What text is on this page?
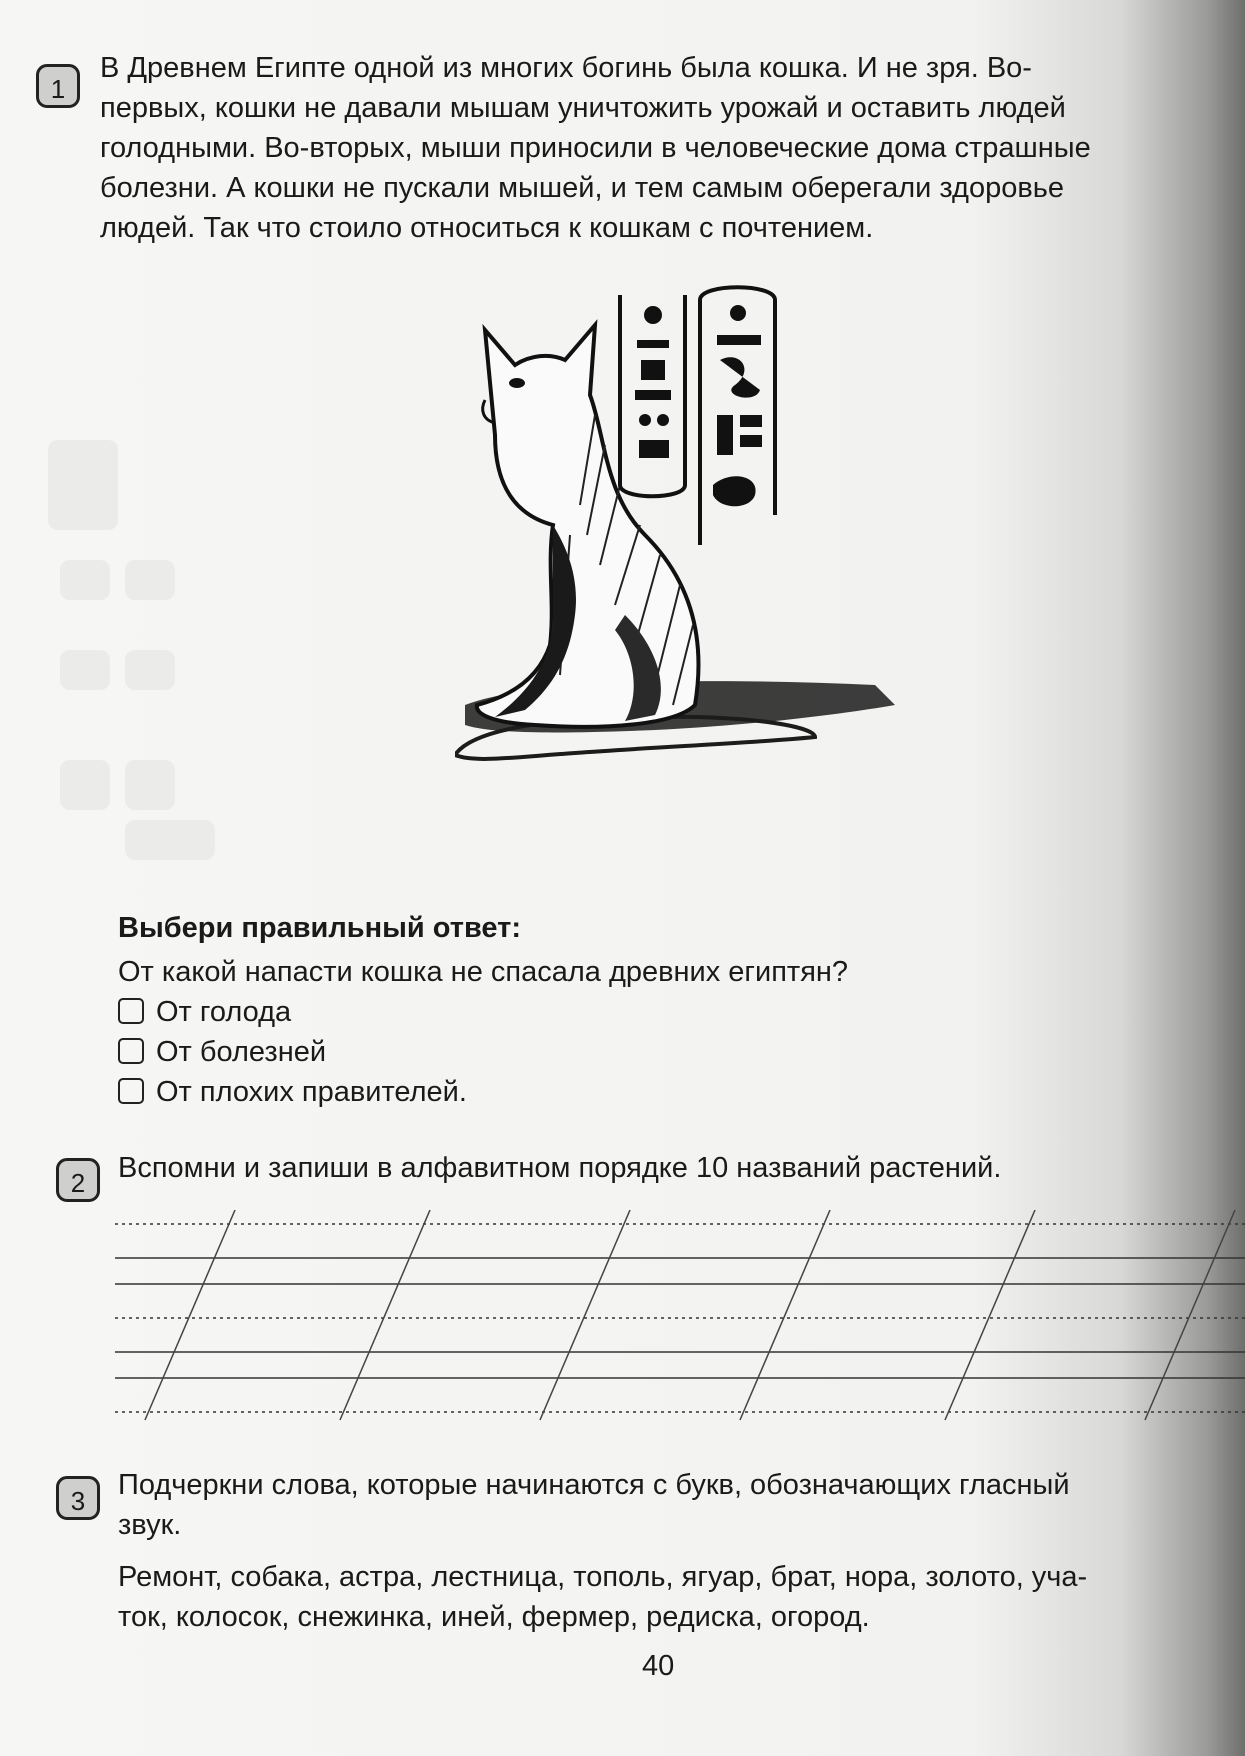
1
В Древнем Египте одной из многих богинь была кошка. И не зря. Во-
первых, кошки не давали мышам уничтожить урожай и оставить людей
голодными. Во-вторых, мыши приносили в человеческие дома страшные
болезни. А кошки не пускали мышей, и тем самым оберегали здоровье
людей. Так что стоило относиться к кошкам с почтением.
Выбери правильный ответ:
От какой напасти кошка не спасала древних египтян?
От голода
От болезней
От плохих правителей.
2	Вспомни и запиши в алфавитном порядке 10 названий растений.
3	Подчеркни слова, которые начинаются с букв, обозначающих гласный
звук.
Ремонт, собака, астра, лестница, тополь, ягуар, брат, нора, золото, уча-
ток, колосок, снежинка, иней, фермер, редиска, огород.
40
